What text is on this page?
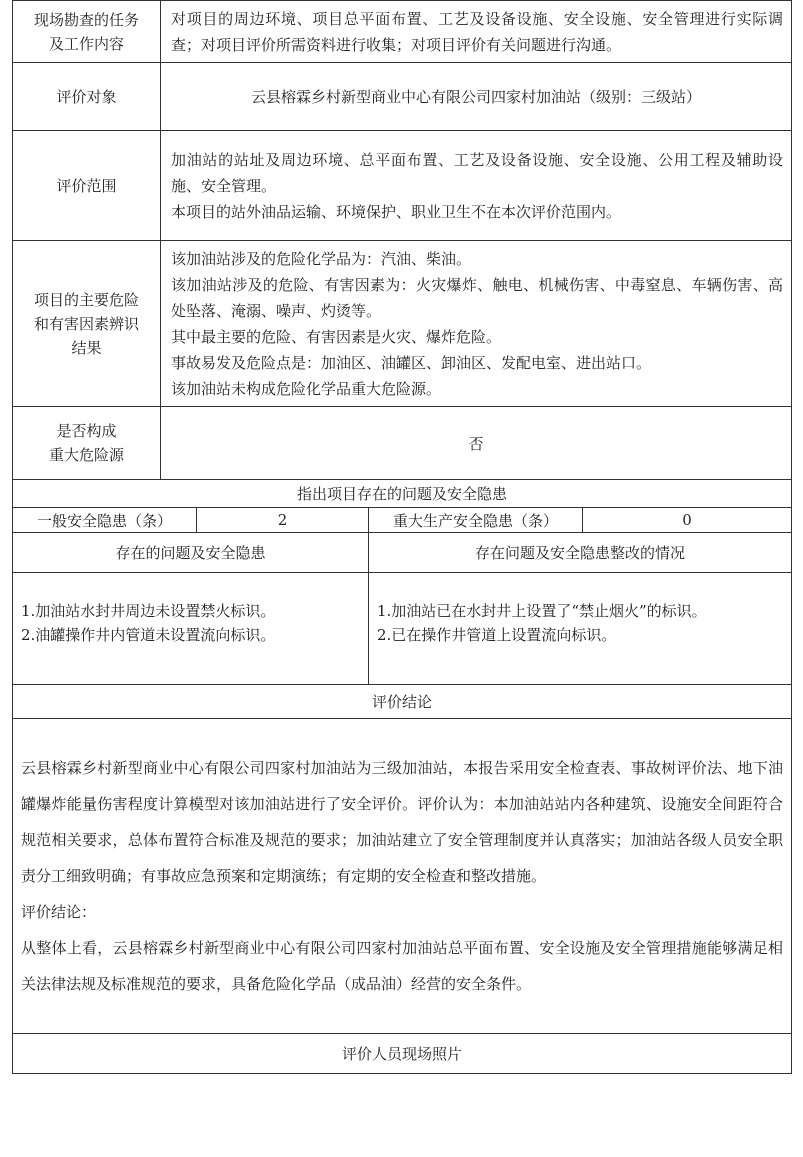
现场勘查的任务
及工作内容	对项目的周边环境、项目总平面布置、工艺及设备设施、安全设施、安全管理进行实际调查；对项目评价所需资料进行收集；对项目评价有关问题进行沟通。			
评价对象	云县榕霖乡村新型商业中心有限公司四家村加油站（级别：三级站）			
评价范围	加油站的站址及周边环境、总平面布置、工艺及设备设施、安全设施、公用工程及辅助设施、安全管理。
本项目的站外油品运输、环境保护、职业卫生不在本次评价范围内。			

项目的主要危险
和有害因素辨识
结果	该加油站涉及的危险化学品为：汽油、柴油。
该加油站涉及的危险、有害因素为：火灾爆炸、触电、机械伤害、中毒窒息、车辆伤害、高处坠落、淹溺、噪声、灼烫等。
其中最主要的危险、有害因素是火灾、爆炸危险。
事故易发及危险点是：加油区、油罐区、卸油区、发配电室、进出站口。
该加油站未构成危险化学品重大危险源。			

是否构成
重大危险源	否			
指出项目存在的问题及安全隐患				
一般安全隐患（条）		2	重大生产安全隐患（条）	0
存在的问题及安全隐患			存在问题及安全隐患整改的情况	

1.加油站水封井周边未设置禁火标识。
2.油罐操作井内管道未设置流向标识。			1.加油站已在水封井上设置了“禁止烟火”的标识。
2.已在操作井管道上设置流向标识。	

评价结论				

云县榕霖乡村新型商业中心有限公司四家村加油站为三级加油站，本报告采用安全检查表、事故树评价法、地下油罐爆炸能量伤害程度计算模型对该加油站进行了安全评价。评价认为：本加油站站内各种建筑、设施安全间距符合规范相关要求，总体布置符合标准及规范的要求；加油站建立了安全管理制度并认真落实；加油站各级人员安全职责分工细致明确；有事故应急预案和定期演练；有定期的安全检查和整改措施。
评价结论：
从整体上看，云县榕霖乡村新型商业中心有限公司四家村加油站总平面布置、安全设施及安全管理措施能够满足相关法律法规及标准规范的要求，具备危险化学品（成品油）经营的安全条件。				

评价人员现场照片				
